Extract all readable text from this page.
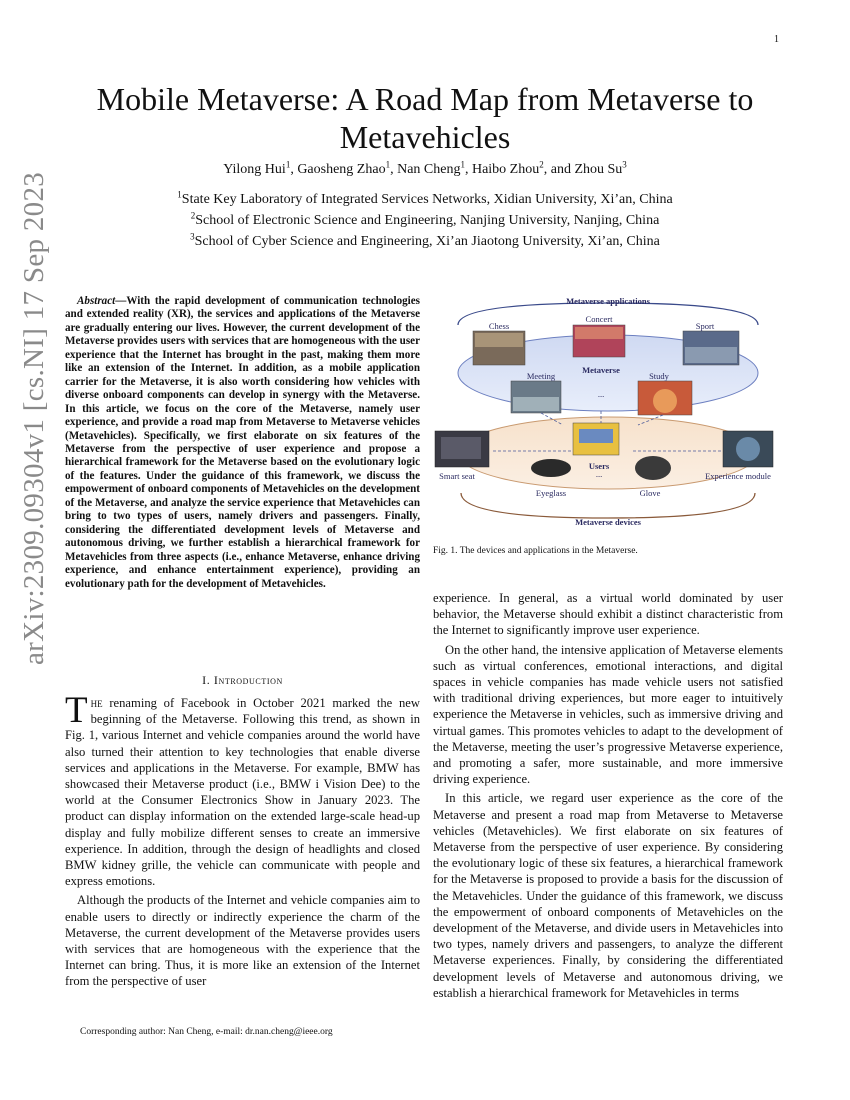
1
arXiv:2309.09304v1 [cs.NI] 17 Sep 2023
Mobile Metaverse: A Road Map from Metaverse to Metavehicles
Yilong Hui$^1$, Gaosheng Zhao$^1$, Nan Cheng$^1$, Haibo Zhou$^2$, and Zhou Su$^3$
$^1$State Key Laboratory of Integrated Services Networks, Xidian University, Xi’an, China
$^2$School of Electronic Science and Engineering, Nanjing University, Nanjing, China
$^3$School of Cyber Science and Engineering, Xi’an Jiaotong University, Xi’an, China

Abstract—With the rapid development of communication technologies and extended reality (XR), the services and applications of the Metaverse are gradually entering our lives. However, the current development of the Metaverse provides users with services that are homogeneous with the user experience that the Internet has brought in the past, making them more like an extension of the Internet. In addition, as a mobile application carrier for the Metaverse, it is also worth considering how vehicles with diverse onboard components can develop in synergy with the Metaverse. In this article, we focus on the core of the Metaverse, namely user experience, and provide a road map from Metaverse to Metaverse vehicles (Metavehicles). Specifically, we first elaborate on six features of the Metaverse from the perspective of user experience and propose a hierarchical framework for the Metaverse based on the evolutionary logic of the features. Under the guidance of this framework, we discuss the empowerment of onboard components of Metavehicles on the development of the Metaverse, and analyze the service experience that Metavehicles can bring to two types of users, namely drivers and passengers. Finally, considering the differentiated development levels of Metaverse and autonomous driving, we further establish a hierarchical framework for Metavehicles from three aspects (i.e., enhance Metaverse, enhance driving experience, and enhance entertainment experience), providing an evolutionary path for the development of Metavehicles.

I. Introduction

The renaming of Facebook in October 2021 marked the new beginning of the Metaverse. Following this trend, as shown in Fig. 1, various Internet and vehicle companies around the world have also turned their attention to key technologies that enable diverse services and applications in the Metaverse. For example, BMW has showcased their Metaverse product (i.e., BMW i Vision Dee) to the world at the Consumer Electronics Show in January 2023. The product can display information on the extended large-scale head-up display and fully mobilize different senses to create an immersive experience. In addition, through the design of headlights and closed BMW kidney grille, the vehicle can communicate with people and express emotions.

Although the products of the Internet and vehicle companies aim to enable users to directly or indirectly experience the charm of the Metaverse, the current development of the Metaverse provides users with services that are homogeneous with the experience that the Internet can bring. Thus, it is more like an extension of the Internet from the perspective of user

Metaverse applications
Metaverse devices
Chess
Concert
Sport
Meeting	Study
Metaverse
...
Smart seat	Experience module
Eyeglass	Glove
Users
...
Fig. 1. The devices and applications in the Metaverse.

experience. In general, as a virtual world dominated by user behavior, the Metaverse should exhibit a distinct characteristic from the Internet to significantly improve user experience.

On the other hand, the intensive application of Metaverse elements such as virtual conferences, emotional interactions, and digital spaces in vehicle companies has made vehicle users not satisfied with traditional driving experiences, but more eager to intuitively experience the Metaverse in vehicles, such as immersive driving and virtual games. This promotes vehicles to adapt to the development of the Metaverse, meeting the user’s progressive Metaverse experience, and promoting a safer, more sustainable, and more immersive driving experience.

In this article, we regard user experience as the core of the Metaverse and present a road map from Metaverse to Metaverse vehicles (Metavehicles). We first elaborate on six features of Metaverse from the perspective of user experience. By considering the evolutionary logic of these six features, a hierarchical framework for the Metaverse is proposed to provide a basis for the discussion of the Metavehicles. Under the guidance of this framework, we discuss the empowerment of onboard components of Metavehicles on the development of the Metaverse, and divide users in Metavehicles into two types, namely drivers and passengers, to analyze the different Metaverse experiences. Finally, by considering the differentiated development levels of Metaverse and autonomous driving, we establish a hierarchical framework for Metavehicles in terms

Corresponding author: Nan Cheng, e-mail: dr.nan.cheng@ieee.org
